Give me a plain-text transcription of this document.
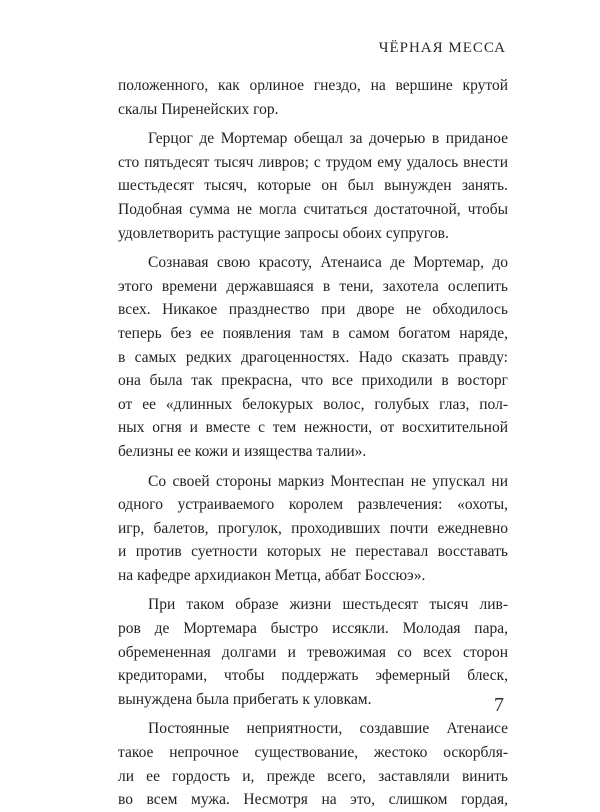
ЧЁРНАЯ МЕССА
положенного, как орлиное гнездо, на вершине крутой
скалы Пиренейских гор.
Герцог де Мортемар обещал за дочерью в приданое
сто пятьдесят тысяч ливров; с трудом ему удалось внести
шестьдесят тысяч, которые он был вынужден занять.
Подобная сумма не могла считаться достаточной, чтобы
удовлетворить растущие запросы обоих супругов.
Сознавая свою красоту, Атенаиса де Мортемар, до
этого времени державшаяся в тени, захотела ослепить
всех. Никакое празднество при дворе не обходилось
теперь без ее появления там в самом богатом наряде,
в самых редких драгоценностях. Надо сказать правду:
она была так прекрасна, что все приходили в восторг
от ее «длинных белокурых волос, голубых глаз, пол-
ных огня и вместе с тем нежности, от восхитительной
белизны ее кожи и изящества талии».
Со своей стороны маркиз Монтеспан не упускал ни
одного устраиваемого королем развлечения: «охоты,
игр, балетов, прогулок, проходивших почти ежедневно
и против суетности которых не переставал восставать
на кафедре архидиакон Метца, аббат Боссюэ».
При таком образе жизни шестьдесят тысяч лив-
ров де Мортемара быстро иссякли. Молодая пара,
обремененная долгами и тревожимая со всех сторон
кредиторами, чтобы поддержать эфемерный блеск,
вынуждена была прибегать к уловкам.
Постоянные неприятности, создавшие Атенаисе
такое непрочное существование, жестоко оскорбля-
ли ее гордость и, прежде всего, заставляли винить
во всем мужа. Несмотря на это, слишком гордая,
7
